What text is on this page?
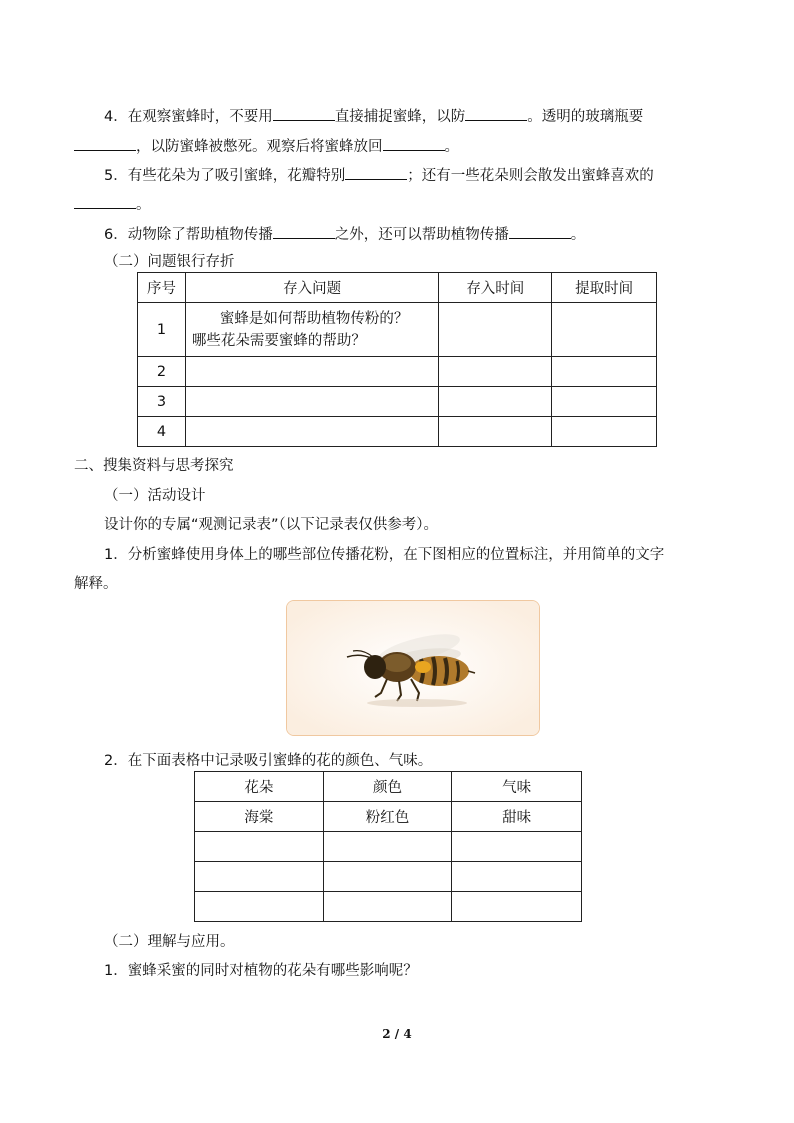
4．在观察蜜蜂时，不要用	直接捕捉蜜蜂，以防	。透明的玻璃瓶要
，以防蜜蜂被憋死。观察后将蜜蜂放回	。
5．有些花朵为了吸引蜜蜂，花瓣特别	；还有一些花朵则会散发出蜜蜂喜欢的
。
6．动物除了帮助植物传播	之外，还可以帮助植物传播	。
（二）问题银行存折
序号	存入问题	存入时间	提取时间
1	蜜蜂是如何帮助植物传粉的？
哪些花朵需要蜜蜂的帮助？		

2			
3			
4			
二、搜集资料与思考探究
（一）活动设计
设计你的专属“观测记录表”（以下记录表仅供参考）。
1．分析蜜蜂使用身体上的哪些部位传播花粉，在下图相应的位置标注，并用简单的文字
解释。
2．在下面表格中记录吸引蜜蜂的花的颜色、气味。
花朵	颜色	气味
海棠	粉红色	甜味

（二）理解与应用。
1．蜜蜂采蜜的同时对植物的花朵有哪些影响呢？
2 / 4
